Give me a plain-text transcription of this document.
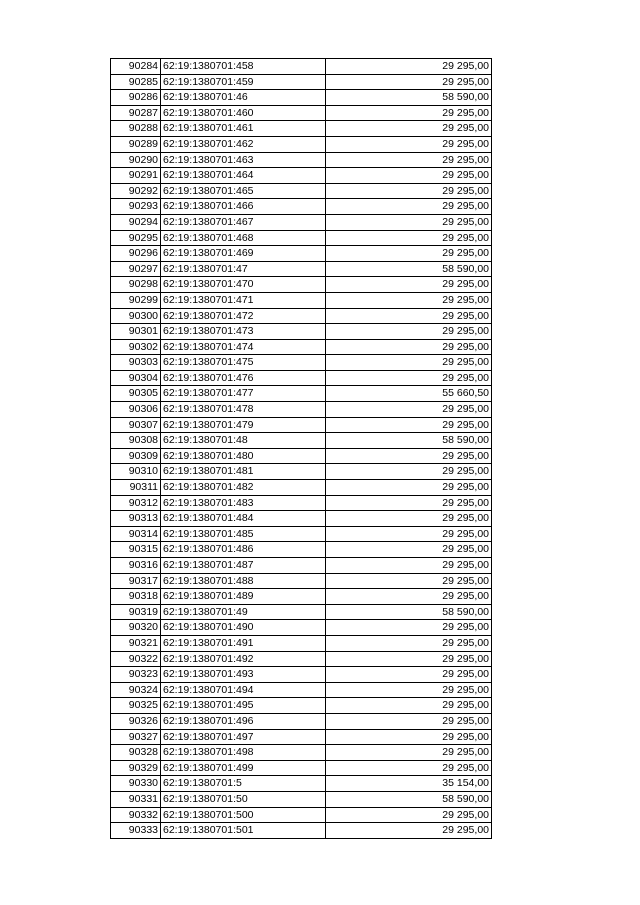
90284	62:19:1380701:458	29 295,00
90285	62:19:1380701:459	29 295,00
90286	62:19:1380701:46	58 590,00
90287	62:19:1380701:460	29 295,00
90288	62:19:1380701:461	29 295,00
90289	62:19:1380701:462	29 295,00
90290	62:19:1380701:463	29 295,00
90291	62:19:1380701:464	29 295,00
90292	62:19:1380701:465	29 295,00
90293	62:19:1380701:466	29 295,00
90294	62:19:1380701:467	29 295,00
90295	62:19:1380701:468	29 295,00
90296	62:19:1380701:469	29 295,00
90297	62:19:1380701:47	58 590,00
90298	62:19:1380701:470	29 295,00
90299	62:19:1380701:471	29 295,00
90300	62:19:1380701:472	29 295,00
90301	62:19:1380701:473	29 295,00
90302	62:19:1380701:474	29 295,00
90303	62:19:1380701:475	29 295,00
90304	62:19:1380701:476	29 295,00
90305	62:19:1380701:477	55 660,50
90306	62:19:1380701:478	29 295,00
90307	62:19:1380701:479	29 295,00
90308	62:19:1380701:48	58 590,00
90309	62:19:1380701:480	29 295,00
90310	62:19:1380701:481	29 295,00
90311	62:19:1380701:482	29 295,00
90312	62:19:1380701:483	29 295,00
90313	62:19:1380701:484	29 295,00
90314	62:19:1380701:485	29 295,00
90315	62:19:1380701:486	29 295,00
90316	62:19:1380701:487	29 295,00
90317	62:19:1380701:488	29 295,00
90318	62:19:1380701:489	29 295,00
90319	62:19:1380701:49	58 590,00
90320	62:19:1380701:490	29 295,00
90321	62:19:1380701:491	29 295,00
90322	62:19:1380701:492	29 295,00
90323	62:19:1380701:493	29 295,00
90324	62:19:1380701:494	29 295,00
90325	62:19:1380701:495	29 295,00
90326	62:19:1380701:496	29 295,00
90327	62:19:1380701:497	29 295,00
90328	62:19:1380701:498	29 295,00
90329	62:19:1380701:499	29 295,00
90330	62:19:1380701:5	35 154,00
90331	62:19:1380701:50	58 590,00
90332	62:19:1380701:500	29 295,00
90333	62:19:1380701:501	29 295,00
